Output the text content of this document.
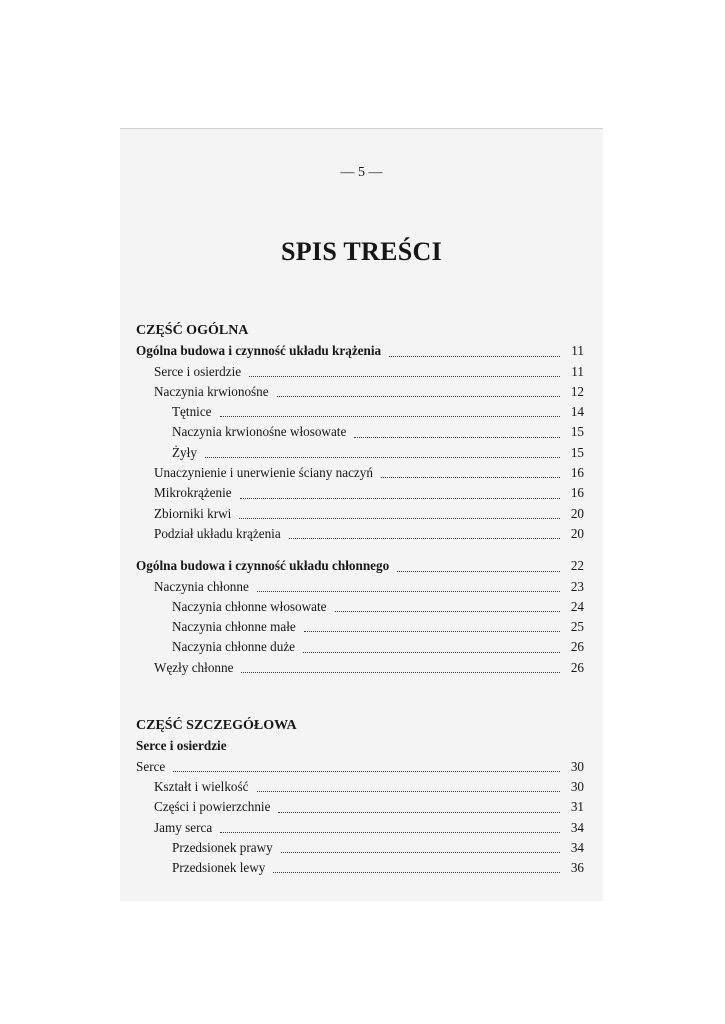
— 5 —
SPIS TREŚCI
CZĘŚĆ OGÓLNA
Ogólna budowa i czynność układu krążenia	11
Serce i osierdzie	11
Naczynia krwionośne	12
Tętnice	14
Naczynia krwionośne włosowate	15
Żyły	15
Unaczynienie i unerwienie ściany naczyń	16
Mikrokrążenie	16
Zbiorniki krwi	20
Podział układu krążenia	20
Ogólna budowa i czynność układu chłonnego	22
Naczynia chłonne	23
Naczynia chłonne włosowate	24
Naczynia chłonne małe	25
Naczynia chłonne duże	26
Węzły chłonne	26
CZĘŚĆ SZCZEGÓŁOWA
Serce i osierdzie
Serce	30
Kształt i wielkość	30
Części i powierzchnie	31
Jamy serca	34
Przedsionek prawy	34
Przedsionek lewy	36
